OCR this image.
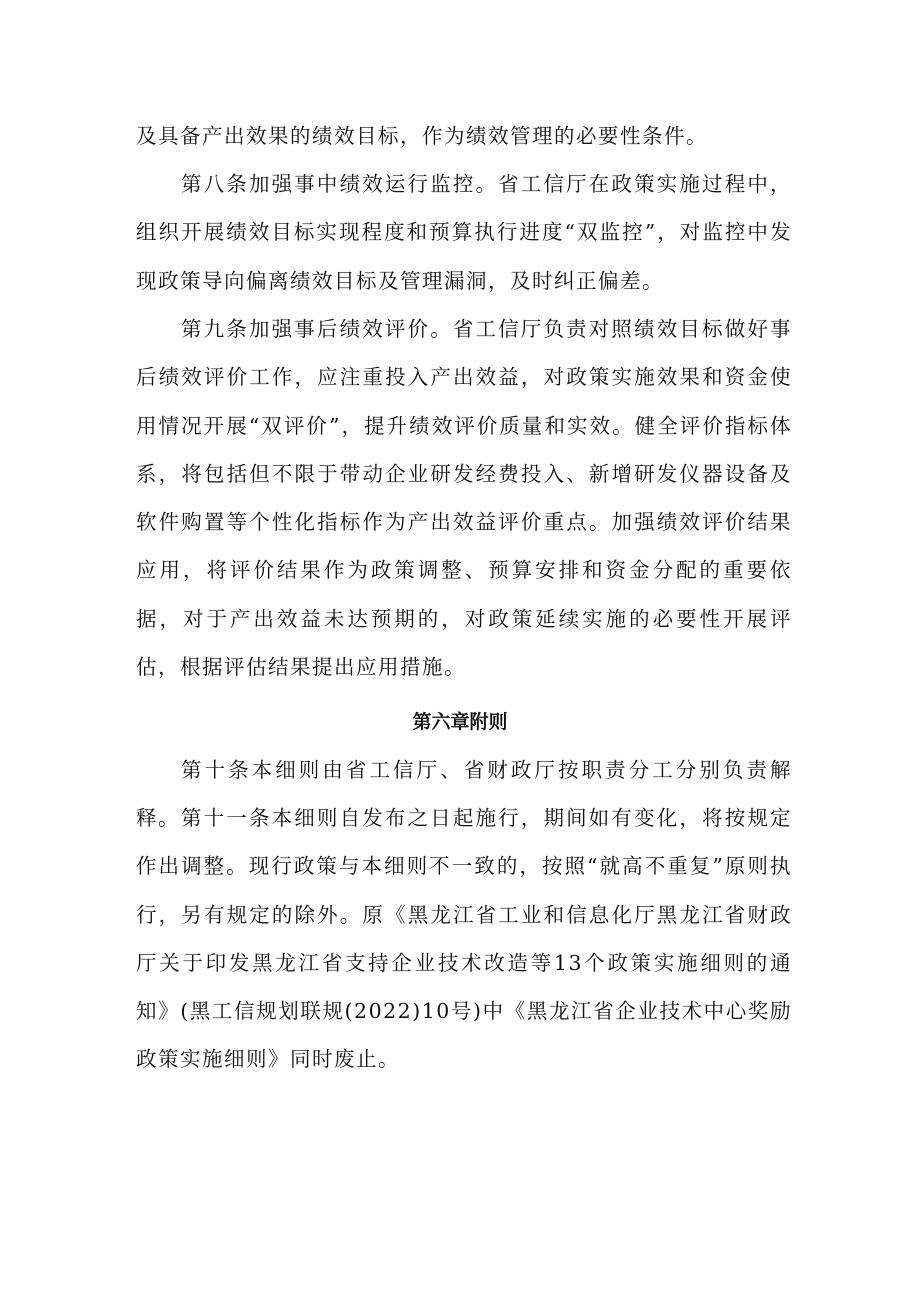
及具备产出效果的绩效目标，作为绩效管理的必要性条件。

第八条加强事中绩效运行监控。省工信厅在政策实施过程中，组织开展绩效目标实现程度和预算执行进度“双监控”，对监控中发现政策导向偏离绩效目标及管理漏洞，及时纠正偏差。

第九条加强事后绩效评价。省工信厅负责对照绩效目标做好事后绩效评价工作，应注重投入产出效益，对政策实施效果和资金使用情况开展“双评价”，提升绩效评价质量和实效。健全评价指标体系，将包括但不限于带动企业研发经费投入、新增研发仪器设备及软件购置等个性化指标作为产出效益评价重点。加强绩效评价结果应用，将评价结果作为政策调整、预算安排和资金分配的重要依据，对于产出效益未达预期的，对政策延续实施的必要性开展评估，根据评估结果提出应用措施。

第六章附则

第十条本细则由省工信厅、省财政厅按职责分工分别负责解释。 第十一条本细则自发布之日起施行，期间如有变化，将按规定作出调整。现行政策与本细则不一致的，按照“就高不重复”原则执行，另有规定的除外。原《黑龙江省工业和信息化厅黑龙江省财政厅关于印发黑龙江省支持企业技术改造等13个政策实施细则的通知》(黑工信规划联规(2022)10号)中《黑龙江省企业技术中心奖励政策实施细则》同时废止。
